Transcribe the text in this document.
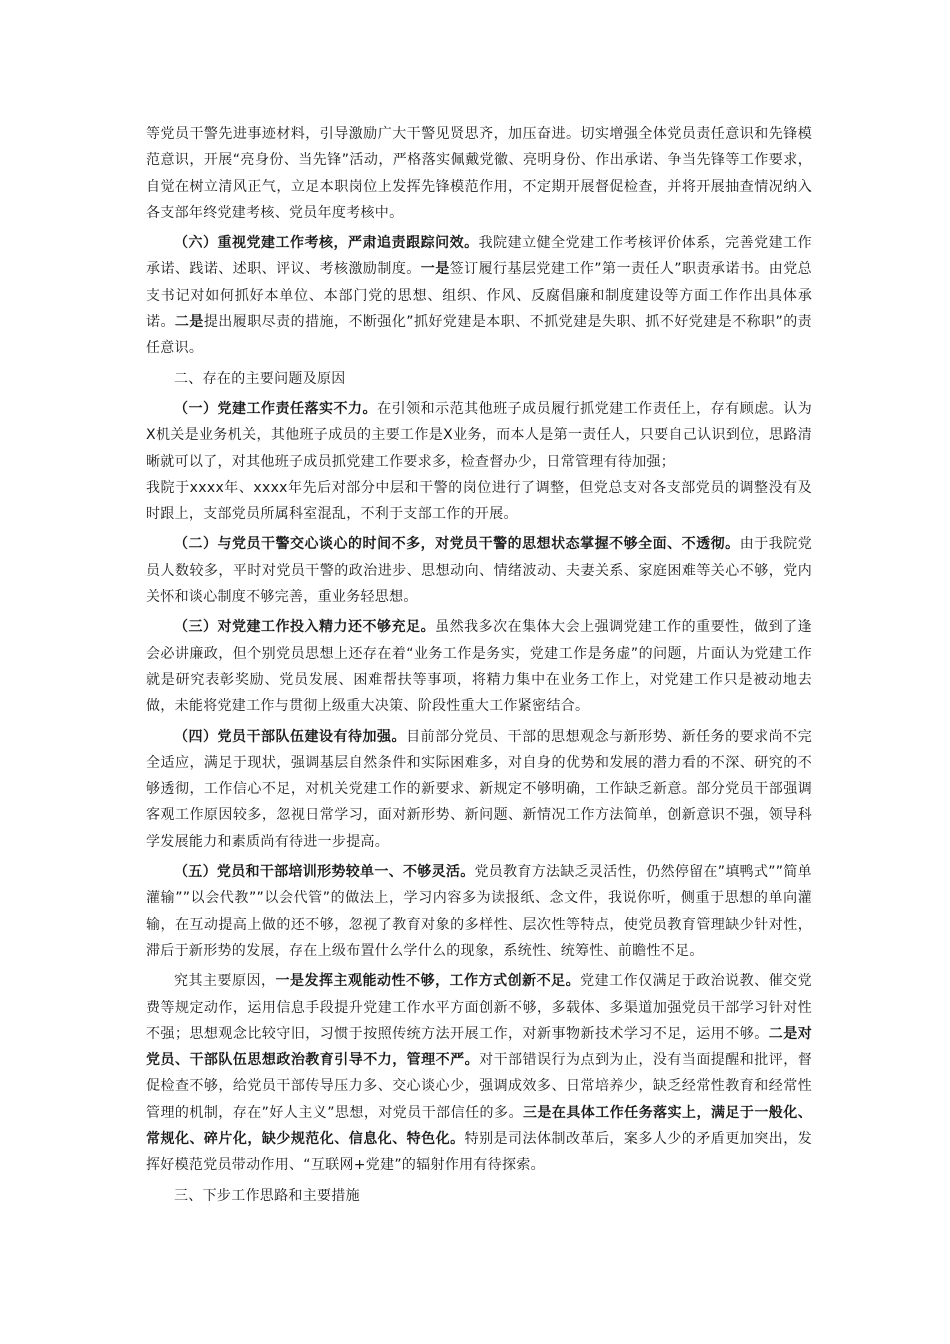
等党员干警先进事迹材料，引导激励广大干警见贤思齐，加压奋进。切实增强全体党员责任意识和先锋模范意识，开展“亮身份、当先锋”活动，严格落实佩戴党徽、亮明身份、作出承诺、争当先锋等工作要求，自觉在树立清风正气，立足本职岗位上发挥先锋模范作用，不定期开展督促检查，并将开展抽查情况纳入各支部年终党建考核、党员年度考核中。

（六）重视党建工作考核，严肃追责跟踪问效。我院建立健全党建工作考核评价体系，完善党建工作承诺、践诺、述职、评议、考核激励制度。一是签订履行基层党建工作”第一责任人”职责承诺书。由党总支书记对如何抓好本单位、本部门党的思想、组织、作风、反腐倡廉和制度建设等方面工作作出具体承诺。二是提出履职尽责的措施，不断强化”抓好党建是本职、不抓党建是失职、抓不好党建是不称职”的责任意识。

二、存在的主要问题及原因

（一）党建工作责任落实不力。在引领和示范其他班子成员履行抓党建工作责任上，存有顾虑。认为Ⅹ机关是业务机关，其他班子成员的主要工作是Ⅹ业务，而本人是第一责任人，只要自己认识到位，思路清晰就可以了，对其他班子成员抓党建工作要求多，检查督办少，日常管理有待加强；
我院于xxxx年、xxxx年先后对部分中层和干警的岗位进行了调整，但党总支对各支部党员的调整没有及时跟上，支部党员所属科室混乱，不利于支部工作的开展。

（二）与党员干警交心谈心的时间不多，对党员干警的思想状态掌握不够全面、不透彻。由于我院党员人数较多，平时对党员干警的政治进步、思想动向、情绪波动、夫妻关系、家庭困难等关心不够，党内关怀和谈心制度不够完善，重业务轻思想。

（三）对党建工作投入精力还不够充足。虽然我多次在集体大会上强调党建工作的重要性，做到了逢会必讲廉政，但个别党员思想上还存在着“业务工作是务实，党建工作是务虚”的问题，片面认为党建工作就是研究表彰奖励、党员发展、困难帮扶等事项，将精力集中在业务工作上，对党建工作只是被动地去做，未能将党建工作与贯彻上级重大决策、阶段性重大工作紧密结合。

（四）党员干部队伍建设有待加强。目前部分党员、干部的思想观念与新形势、新任务的要求尚不完全适应，满足于现状，强调基层自然条件和实际困难多，对自身的优势和发展的潜力看的不深、研究的不够透彻，工作信心不足，对机关党建工作的新要求、新规定不够明确，工作缺乏新意。部分党员干部强调客观工作原因较多，忽视日常学习，面对新形势、新问题、新情况工作方法简单，创新意识不强，领导科学发展能力和素质尚有待进一步提高。

（五）党员和干部培训形势较单一、不够灵活。党员教育方法缺乏灵活性，仍然停留在”填鸭式””简单灌输””以会代教””以会代管”的做法上，学习内容多为读报纸、念文件，我说你听，侧重于思想的单向灌输，在互动提高上做的还不够，忽视了教育对象的多样性、层次性等特点，使党员教育管理缺少针对性，滞后于新形势的发展，存在上级布置什么学什么的现象，系统性、统筹性、前瞻性不足。

究其主要原因，一是发挥主观能动性不够，工作方式创新不足。党建工作仅满足于政治说教、催交党费等规定动作，运用信息手段提升党建工作水平方面创新不够，多载体、多渠道加强党员干部学习针对性不强；思想观念比较守旧，习惯于按照传统方法开展工作，对新事物新技术学习不足，运用不够。二是对党员、干部队伍思想政治教育引导不力，管理不严。对干部错误行为点到为止，没有当面提醒和批评，督促检查不够，给党员干部传导压力多、交心谈心少，强调成效多、日常培养少，缺乏经常性教育和经常性管理的机制，存在”好人主义”思想，对党员干部信任的多。三是在具体工作任务落实上，满足于一般化、常规化、碎片化，缺少规范化、信息化、特色化。特别是司法体制改革后，案多人少的矛盾更加突出，发挥好模范党员带动作用、“互联网+党建”的辐射作用有待探索。

三、下步工作思路和主要措施
